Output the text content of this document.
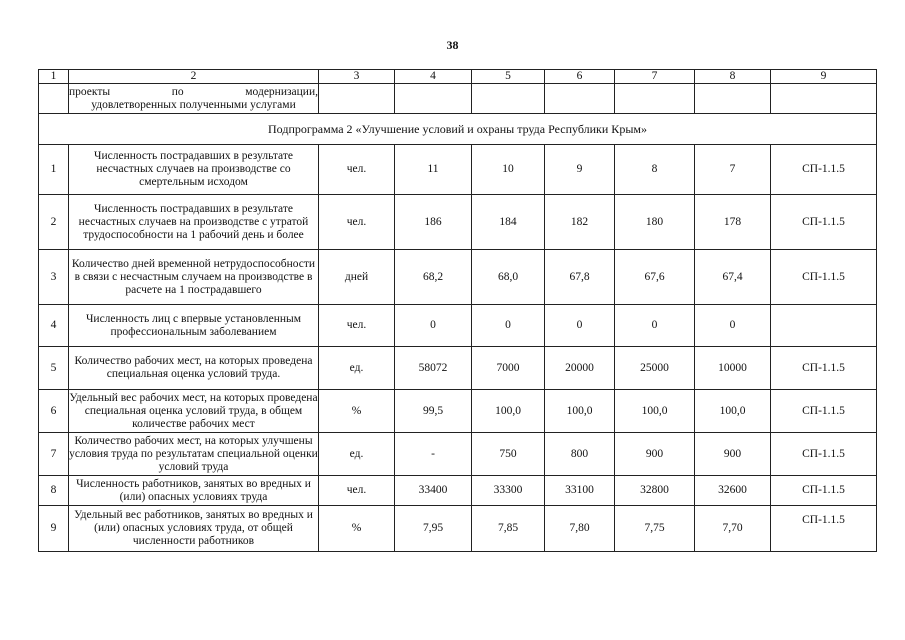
38
1	2	3	4	5	6	7	8	9

	проекты по модернизации,
удовлетворенных полученными услугами							

Подпрограмма 2 «Улучшение условий и охраны труда Республики Крым»								
1	Численность пострадавших в результате несчастных случаев на производстве со смертельным исходом	чел.	11	10	9	8	7	СП-1.1.5
2	Численность пострадавших в результате несчастных случаев на производстве с утратой трудоспособности на 1 рабочий день и более	чел.	186	184	182	180	178	СП-1.1.5
3	Количество дней временной нетрудоспособности в связи с несчастным случаем на производстве в расчете на 1 пострадавшего	дней	68,2	68,0	67,8	67,6	67,4	СП-1.1.5
4	Численность лиц с впервые установленным профессиональным заболеванием	чел.	0	0	0	0	0	
5	Количество рабочих мест, на которых проведена специальная оценка условий труда.	ед.	58072	7000	20000	25000	10000	СП-1.1.5
6	Удельный вес рабочих мест, на которых проведена специальная оценка условий труда, в общем количестве рабочих мест	%	99,5	100,0	100,0	100,0	100,0	СП-1.1.5
7	Количество рабочих мест, на которых улучшены условия труда по результатам специальной оценки условий труда	ед.	-	750	800	900	900	СП-1.1.5
8	Численность работников, занятых во вредных и (или) опасных условиях труда	чел.	33400	33300	33100	32800	32600	СП-1.1.5
9	Удельный вес работников, занятых во вредных и (или) опасных условиях труда, от общей численности работников	%	7,95	7,85	7,80	7,75	7,70	СП-1.1.5
